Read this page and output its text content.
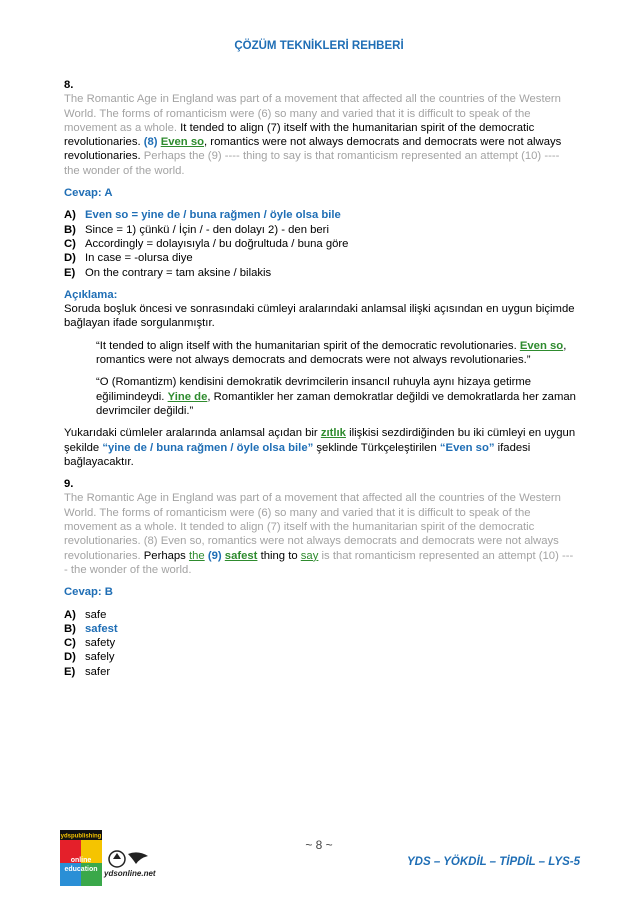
ÇÖZÜM TEKNİKLERİ REHBERİ
8.
The Romantic Age in England was part of a movement that affected all the countries of the Western World. The forms of romanticism were (6) so many and varied that it is difficult to speak of the movement as a whole. It tended to align (7) itself with the humanitarian spirit of the democratic revolutionaries. (8) Even so, romantics were not always democrats and democrats were not always revolutionaries. Perhaps the (9) ---- thing to say is that romanticism represented an attempt (10) ---- the wonder of the world.
Cevap: A
A) Even so = yine de / buna rağmen / öyle olsa bile
B) Since = 1) çünkü / İçin / - den dolayı 2) - den beri
C) Accordingly = dolayısıyla / bu doğrultuda / buna göre
D) In case = -olursa diye
E) On the contrary = tam aksine / bilakis
Açıklama:
Soruda boşluk öncesi ve sonrasındaki cümleyi aralarındaki anlamsal ilişki açısından en uygun biçimde bağlayan ifade sorgulanmıştır.
“It tended to align itself with the humanitarian spirit of the democratic revolutionaries. Even so, romantics were not always democrats and democrats were not always revolutionaries.”
“O (Romantizm) kendisini demokratik devrimcilerin insancıl ruhuyla aynı hizaya getirme eğilimindeydi. Yine de, Romantikler her zaman demokratlar değildi ve demokratlarda her zaman devrimciler değildi.”
Yukarıdaki cümleler aralarında anlamsal açıdan bir zıtlık ilişkisi sezdirdiğinden bu iki cümleyi en uygun şekilde “yine de / buna rağmen / öyle olsa bile” şeklinde Türkçeleştirilen “Even so” ifadesi bağlayacaktır.
9.
The Romantic Age in England was part of a movement that affected all the countries of the Western World. The forms of romanticism were (6) so many and varied that it is difficult to speak of the movement as a whole. It tended to align (7) itself with the humanitarian spirit of the democratic revolutionaries. (8) Even so, romantics were not always democrats and democrats were not always revolutionaries. Perhaps the (9) safest thing to say is that romanticism represented an attempt (10) ---- the wonder of the world.
Cevap: B
A) safe
B) safest
C) safety
D) safely
E) safer
~ 8 ~
YDS – YÖKDİL – TİPDİL – LYS-5
ydspublishing
online
education ydsonline.net
